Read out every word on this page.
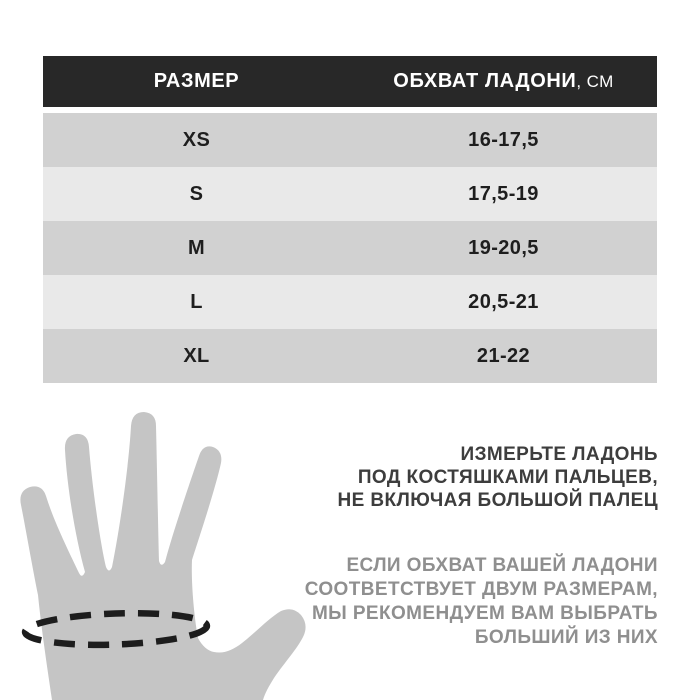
РАЗМЕР	ОБХВАТ ЛАДОНИ , СМ
XS	16-17,5
S	17,5-19
M	19-20,5
L	20,5-21
XL	21-22
ИЗМЕРЬТЕ ЛАДОНЬ
ПОД КОСТЯШКАМИ ПАЛЬЦЕВ,
НЕ ВКЛЮЧАЯ БОЛЬШОЙ ПАЛЕЦ
ЕСЛИ ОБХВАТ ВАШЕЙ ЛАДОНИ
СООТВЕТСТВУЕТ ДВУМ РАЗМЕРАМ,
МЫ РЕКОМЕНДУЕМ ВАМ ВЫБРАТЬ
БОЛЬШИЙ ИЗ НИХ
